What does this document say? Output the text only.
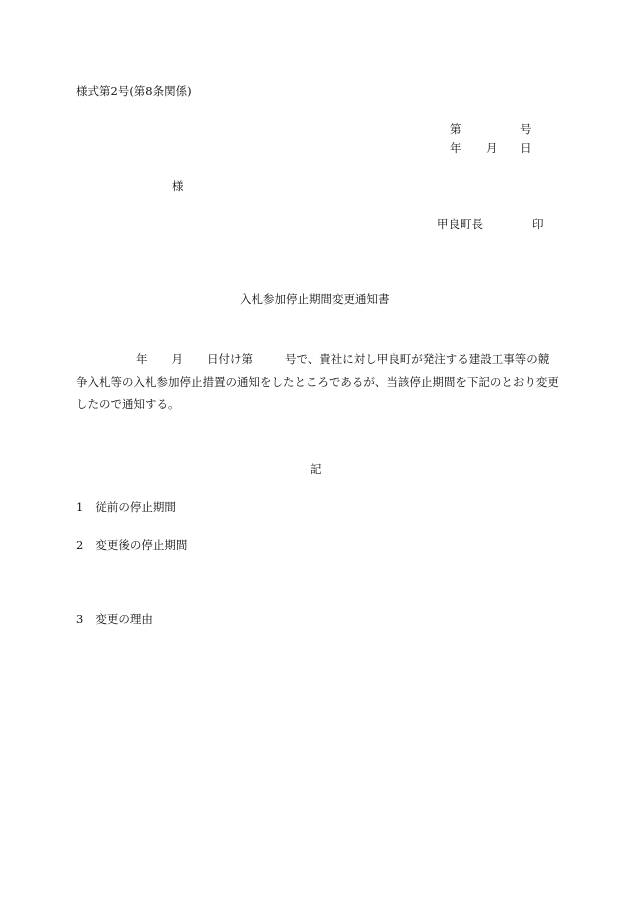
様式第2号(第8条関係)
第	号
年 月 日
様
甲良町長	印
入札参加停止期間変更通知書
年 月 日付け第	号で、貴社に対し甲良町が発注する建設工事等の競争入札等の入札参加停止措置の通知をしたところであるが、当該停止期間を下記のとおり変更したので通知する。
記
1 従前の停止期間
2 変更後の停止期間
3 変更の理由
